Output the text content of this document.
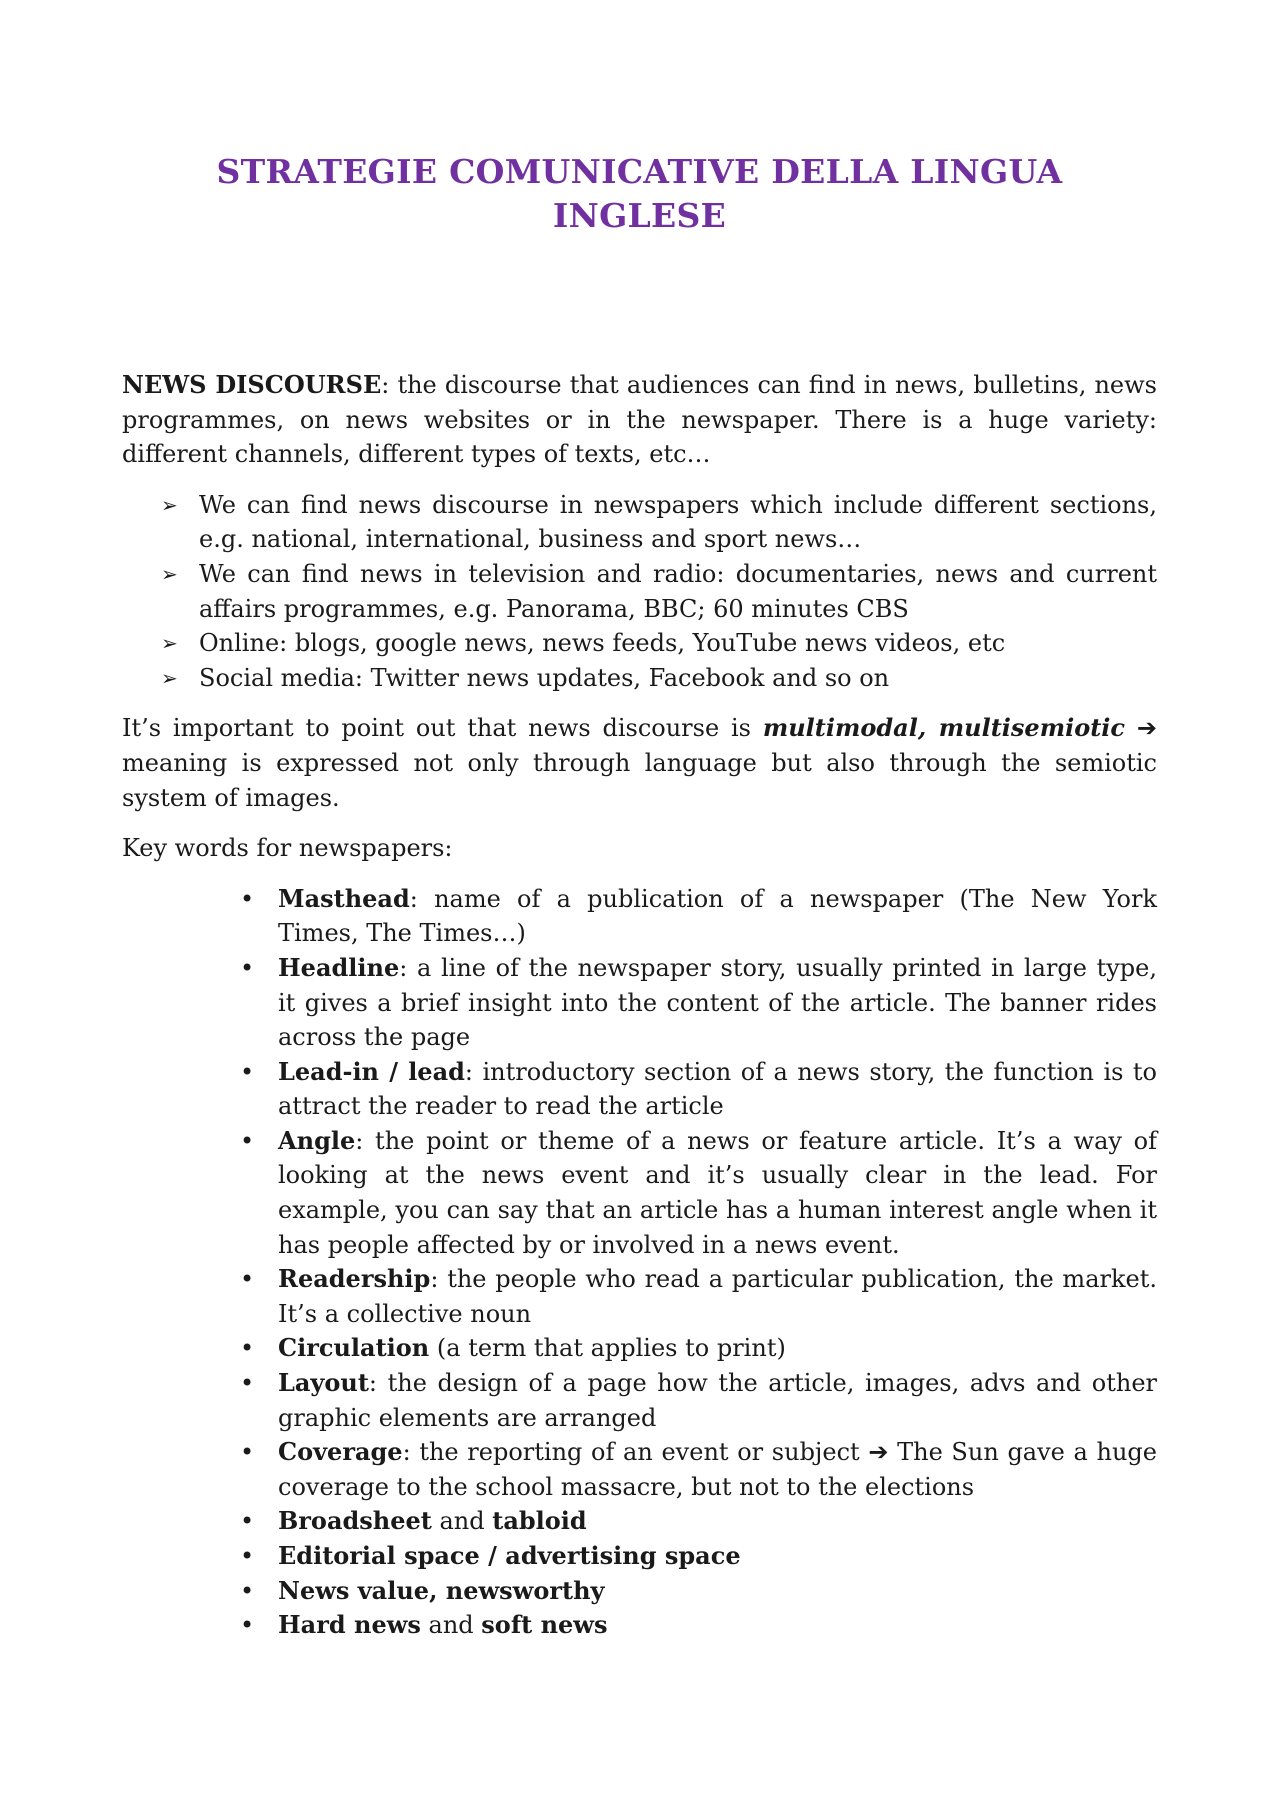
STRATEGIE COMUNICATIVE DELLA LINGUA
INGLESE

NEWS DISCOURSE: the discourse that audiences can find in news, bulletins, news programmes, on news websites or in the newspaper. There is a huge variety: different channels, different types of texts, etc…

➢ We can find news discourse in newspapers which include different sections, e.g. national, international, business and sport news…
➢ We can find news in television and radio: documentaries, news and current affairs programmes, e.g. Panorama, BBC; 60 minutes CBS
➢ Online: blogs, google news, news feeds, YouTube news videos, etc
➢ Social media: Twitter news updates, Facebook and so on

It’s important to point out that news discourse is multimodal, multisemiotic ➔ meaning is expressed not only through language but also through the semiotic system of images.

Key words for newspapers:

• Masthead: name of a publication of a newspaper (The New York Times, The Times…)
• Headline: a line of the newspaper story, usually printed in large type, it gives a brief insight into the content of the article. The banner rides across the page
• Lead-in / lead: introductory section of a news story, the function is to attract the reader to read the article
• Angle: the point or theme of a news or feature article. It’s a way of looking at the news event and it’s usually clear in the lead. For example, you can say that an article has a human interest angle when it has people affected by or involved in a news event.
• Readership: the people who read a particular publication, the market. It’s a collective noun
• Circulation (a term that applies to print)
• Layout: the design of a page how the article, images, advs and other graphic elements are arranged
• Coverage: the reporting of an event or subject ➔ The Sun gave a huge coverage to the school massacre, but not to the elections
• Broadsheet and tabloid
• Editorial space / advertising space
• News value, newsworthy
• Hard news and soft news
